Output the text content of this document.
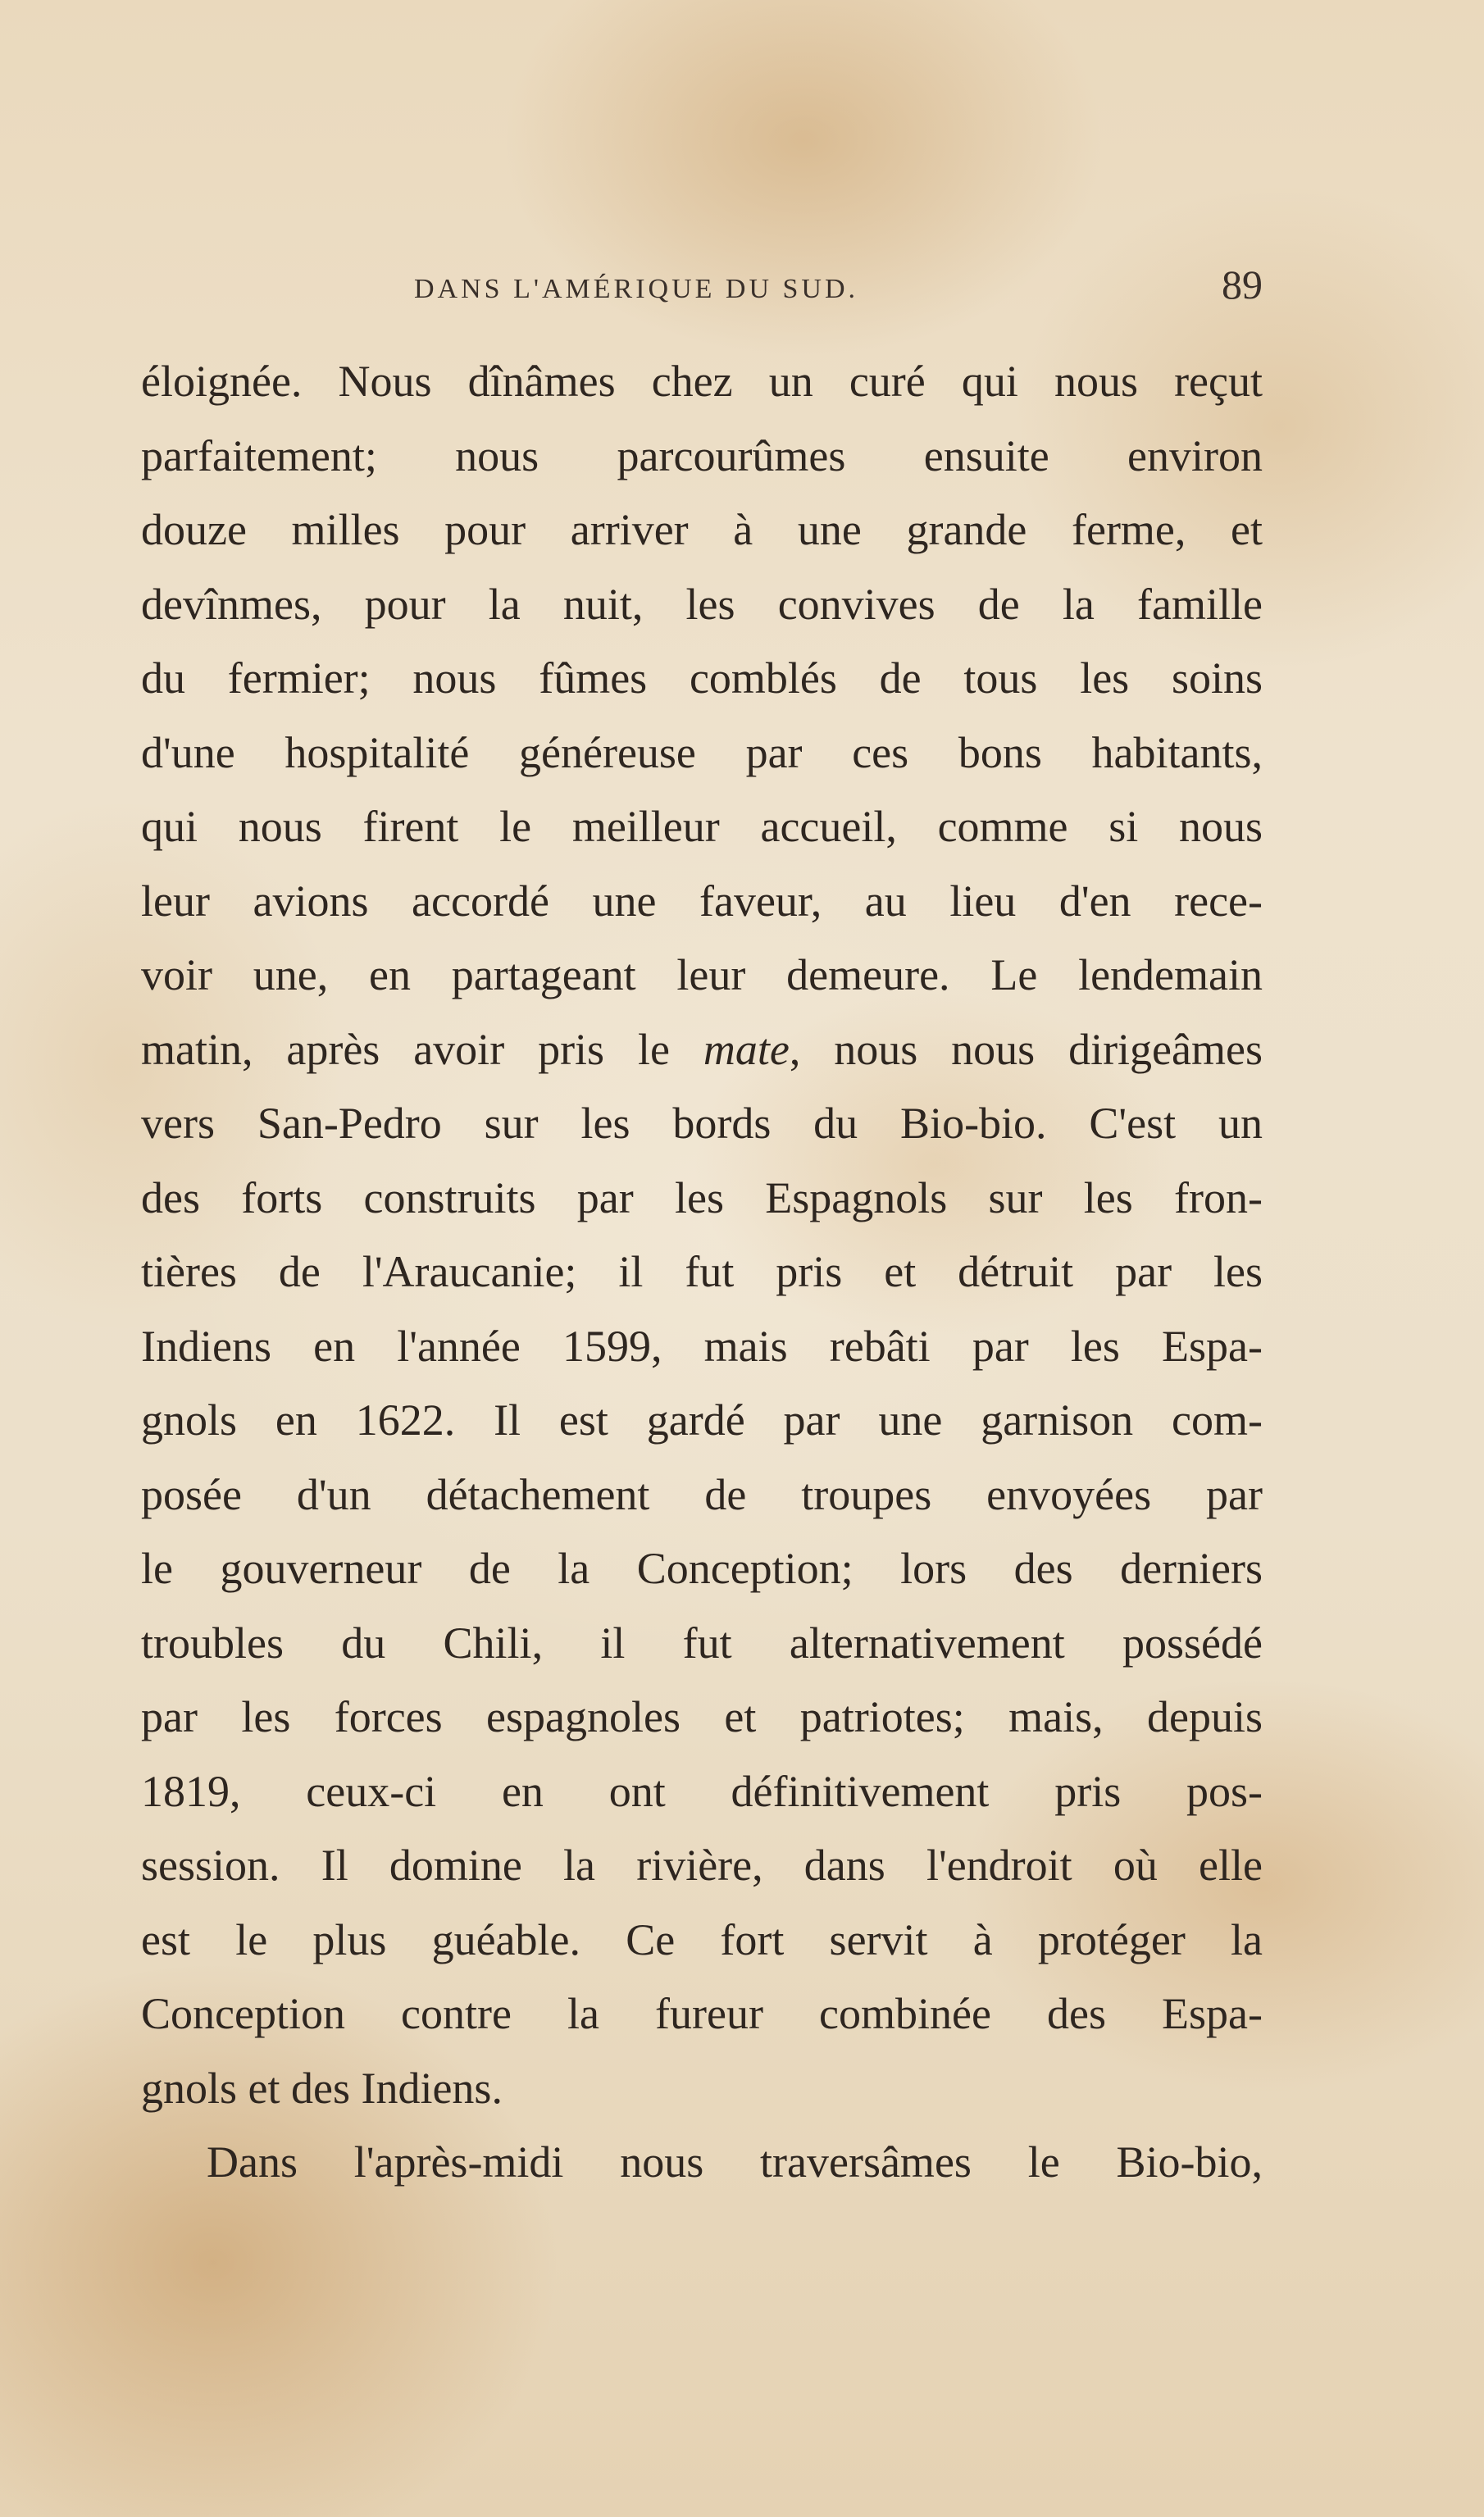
DANS L'AMÉRIQUE DU SUD.	89
éloignée. Nous dînâmes chez un curé qui nous reçut
parfaitement; nous parcourûmes ensuite environ
douze milles pour arriver à une grande ferme, et
devînmes, pour la nuit, les convives de la famille
du fermier; nous fûmes comblés de tous les soins
d'une hospitalité généreuse par ces bons habitants,
qui nous firent le meilleur accueil, comme si nous
leur avions accordé une faveur, au lieu d'en rece-
voir une, en partageant leur demeure. Le lendemain
matin, après avoir pris le mate, nous nous dirigeâmes
vers San-Pedro sur les bords du Bio-bio. C'est un
des forts construits par les Espagnols sur les fron-
tières de l'Araucanie; il fut pris et détruit par les
Indiens en l'année 1599, mais rebâti par les Espa-
gnols en 1622. Il est gardé par une garnison com-
posée d'un détachement de troupes envoyées par
le gouverneur de la Conception; lors des derniers
troubles du Chili, il fut alternativement possédé
par les forces espagnoles et patriotes; mais, depuis
1819, ceux-ci en ont définitivement pris pos-
session. Il domine la rivière, dans l'endroit où elle
est le plus guéable. Ce fort servit à protéger la
Conception contre la fureur combinée des Espa-
gnols et des Indiens.
Dans l'après-midi nous traversâmes le Bio-bio,
